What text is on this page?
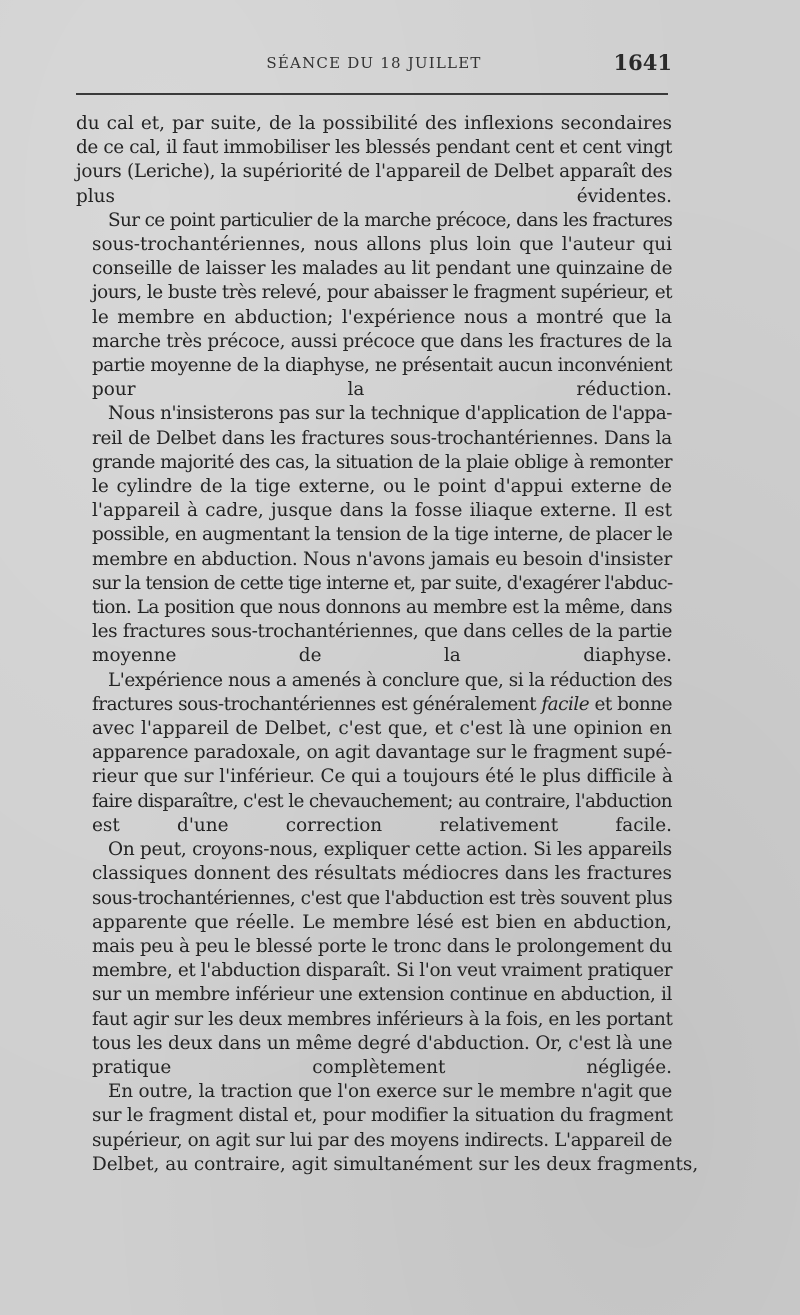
SÉANCE DU 18 JUILLET	1641

du cal et, par suite, de la possibilité des inflexions secondaires
de ce cal, il faut immobiliser les blessés pendant cent et cent vingt
jours (Leriche), la supériorité de l'appareil de Delbet apparaît des
plus évidentes.

Sur ce point particulier de la marche précoce, dans les fractures
sous-trochantériennes, nous allons plus loin que l'auteur qui
conseille de laisser les malades au lit pendant une quinzaine de
jours, le buste très relevé, pour abaisser le fragment supérieur, et
le membre en abduction; l'expérience nous a montré que la
marche très précoce, aussi précoce que dans les fractures de la
partie moyenne de la diaphyse, ne présentait aucun inconvénient
pour la réduction.

Nous n'insisterons pas sur la technique d'application de l'appa-
reil de Delbet dans les fractures sous-trochantériennes. Dans la
grande majorité des cas, la situation de la plaie oblige à remonter
le cylindre de la tige externe, ou le point d'appui externe de
l'appareil à cadre, jusque dans la fosse iliaque externe. Il est
possible, en augmentant la tension de la tige interne, de placer le
membre en abduction. Nous n'avons jamais eu besoin d'insister
sur la tension de cette tige interne et, par suite, d'exagérer l'abduc-
tion. La position que nous donnons au membre est la même, dans
les fractures sous-trochantériennes, que dans celles de la partie
moyenne de la diaphyse.

L'expérience nous a amenés à conclure que, si la réduction des
fractures sous-trochantériennes est généralement facile et bonne
avec l'appareil de Delbet, c'est que, et c'est là une opinion en
apparence paradoxale, on agit davantage sur le fragment supé-
rieur que sur l'inférieur. Ce qui a toujours été le plus difficile à
faire disparaître, c'est le chevauchement; au contraire, l'abduction
est d'une correction relativement facile.

On peut, croyons-nous, expliquer cette action. Si les appareils
classiques donnent des résultats médiocres dans les fractures
sous-trochantériennes, c'est que l'abduction est très souvent plus
apparente que réelle. Le membre lésé est bien en abduction,
mais peu à peu le blessé porte le tronc dans le prolongement du
membre, et l'abduction disparaît. Si l'on veut vraiment pratiquer
sur un membre inférieur une extension continue en abduction, il
faut agir sur les deux membres inférieurs à la fois, en les portant
tous les deux dans un même degré d'abduction. Or, c'est là une
pratique complètement négligée.

En outre, la traction que l'on exerce sur le membre n'agit que
sur le fragment distal et, pour modifier la situation du fragment
supérieur, on agit sur lui par des moyens indirects. L'appareil de
Delbet, au contraire, agit simultanément sur les deux fragments,
